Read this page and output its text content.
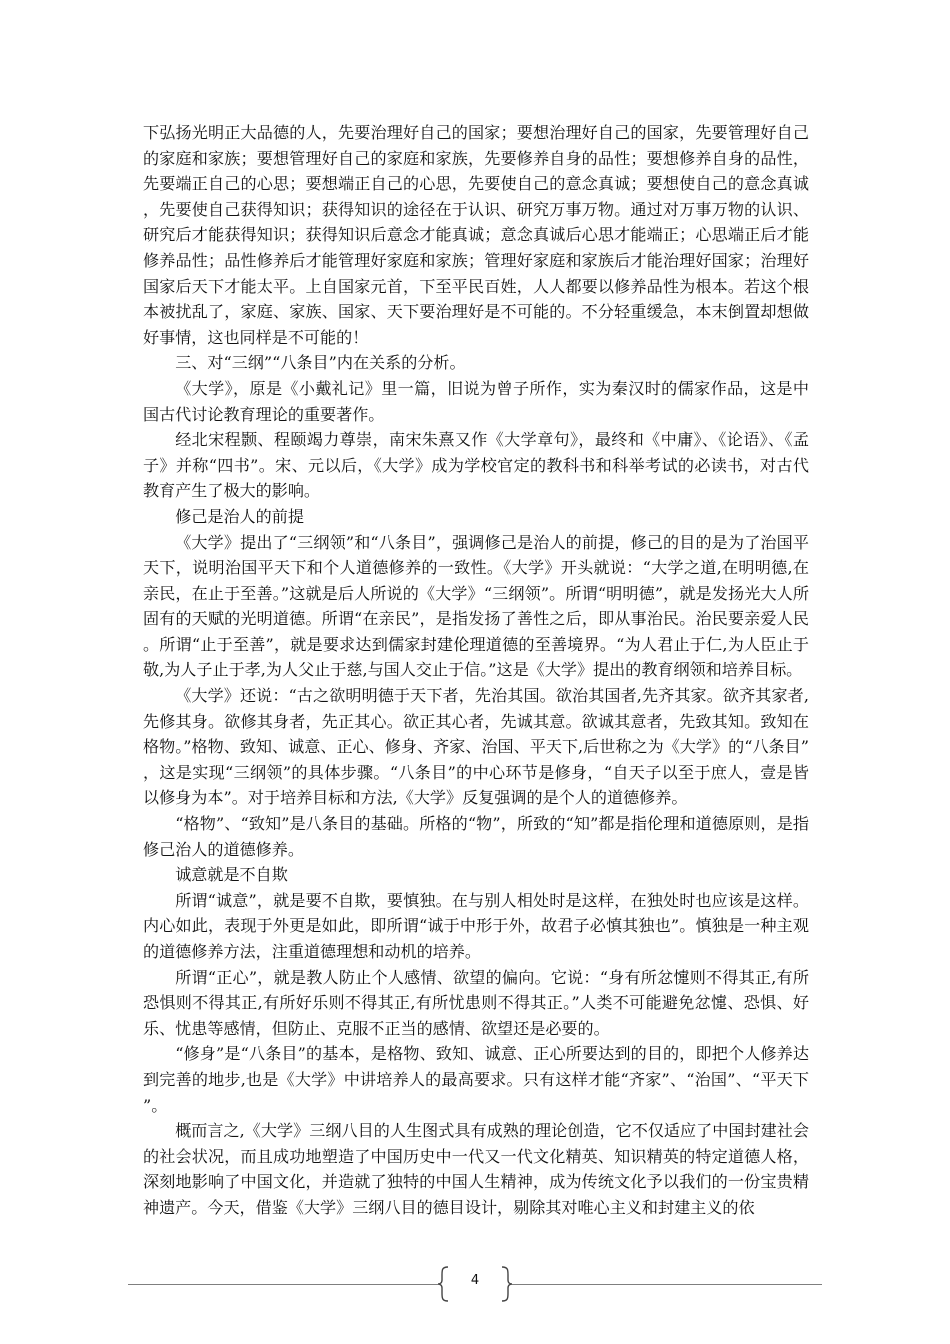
下弘扬光明正大品德的人，先要治理好自己的国家；要想治理好自己的国家，先要管理好自己的家庭和家族；要想管理好自己的家庭和家族，先要修养自身的品性；要想修养自身的品性，先要端正自己的心思；要想端正自己的心思，先要使自己的意念真诚；要想使自己的意念真诚，先要使自己获得知识；获得知识的途径在于认识、研究万事万物。通过对万事万物的认识、研究后才能获得知识；获得知识后意念才能真诚；意念真诚后心思才能端正；心思端正后才能修养品性；品性修养后才能管理好家庭和家族；管理好家庭和家族后才能治理好国家；治理好国家后天下才能太平。上自国家元首，下至平民百姓，人人都要以修养品性为根本。若这个根本被扰乱了，家庭、家族、国家、天下要治理好是不可能的。不分轻重缓急，本末倒置却想做好事情，这也同样是不可能的！

三、对“三纲”“八条目”内在关系的分析。

《大学》，原是《小戴礼记》里一篇，旧说为曾子所作，实为秦汉时的儒家作品，这是中国古代讨论教育理论的重要著作。

经北宋程颢、程颐竭力尊崇，南宋朱熹又作《大学章句》，最终和《中庸》、《论语》、《孟子》并称“四书”。宋、元以后，《大学》成为学校官定的教科书和科举考试的必读书，对古代教育产生了极大的影响。

修己是治人的前提

《大学》提出了“三纲领”和“八条目”，强调修己是治人的前提，修己的目的是为了治国平天下，说明治国平天下和个人道德修养的一致性。《大学》开头就说：“大学之道,在明明德,在亲民，在止于至善。”这就是后人所说的《大学》“三纲领”。所谓“明明德”，就是发扬光大人所固有的天赋的光明道德。所谓“在亲民”，是指发扬了善性之后，即从事治民。治民要亲爱人民。所谓“止于至善”，就是要求达到儒家封建伦理道德的至善境界。“为人君止于仁,为人臣止于敬,为人子止于孝,为人父止于慈,与国人交止于信。”这是《大学》提出的教育纲领和培养目标。

《大学》还说：“古之欲明明德于天下者，先治其国。欲治其国者,先齐其家。欲齐其家者,先修其身。欲修其身者，先正其心。欲正其心者，先诚其意。欲诚其意者，先致其知。致知在格物。”格物、致知、诚意、正心、修身、齐家、治国、平天下,后世称之为《大学》的“八条目”，这是实现“三纲领”的具体步骤。“八条目”的中心环节是修身，“自天子以至于庶人，壹是皆以修身为本”。对于培养目标和方法,《大学》反复强调的是个人的道德修养。

“格物”、“致知”是八条目的基础。所格的“物”，所致的“知”都是指伦理和道德原则，是指修己治人的道德修养。

诚意就是不自欺

所谓“诚意”，就是要不自欺，要慎独。在与别人相处时是这样，在独处时也应该是这样。内心如此，表现于外更是如此，即所谓“诚于中形于外，故君子必慎其独也”。慎独是一种主观的道德修养方法，注重道德理想和动机的培养。

所谓“正心”，就是教人防止个人感情、欲望的偏向。它说：“身有所忿懥则不得其正,有所恐惧则不得其正,有所好乐则不得其正,有所忧患则不得其正。”人类不可能避免忿懥、恐惧、好乐、忧患等感情，但防止、克服不正当的感情、欲望还是必要的。

“修身”是“八条目”的基本，是格物、致知、诚意、正心所要达到的目的，即把个人修养达到完善的地步,也是《大学》中讲培养人的最高要求。只有这样才能“齐家”、“治国”、“平天下”。

概而言之,《大学》三纲八目的人生图式具有成熟的理论创造，它不仅适应了中国封建社会的社会状况，而且成功地塑造了中国历史中一代又一代文化精英、知识精英的特定道德人格，深刻地影响了中国文化，并造就了独特的中国人生精神，成为传统文化予以我们的一份宝贵精神遗产。今天，借鉴《大学》三纲八目的德目设计，剔除其对唯心主义和封建主义的依

4
